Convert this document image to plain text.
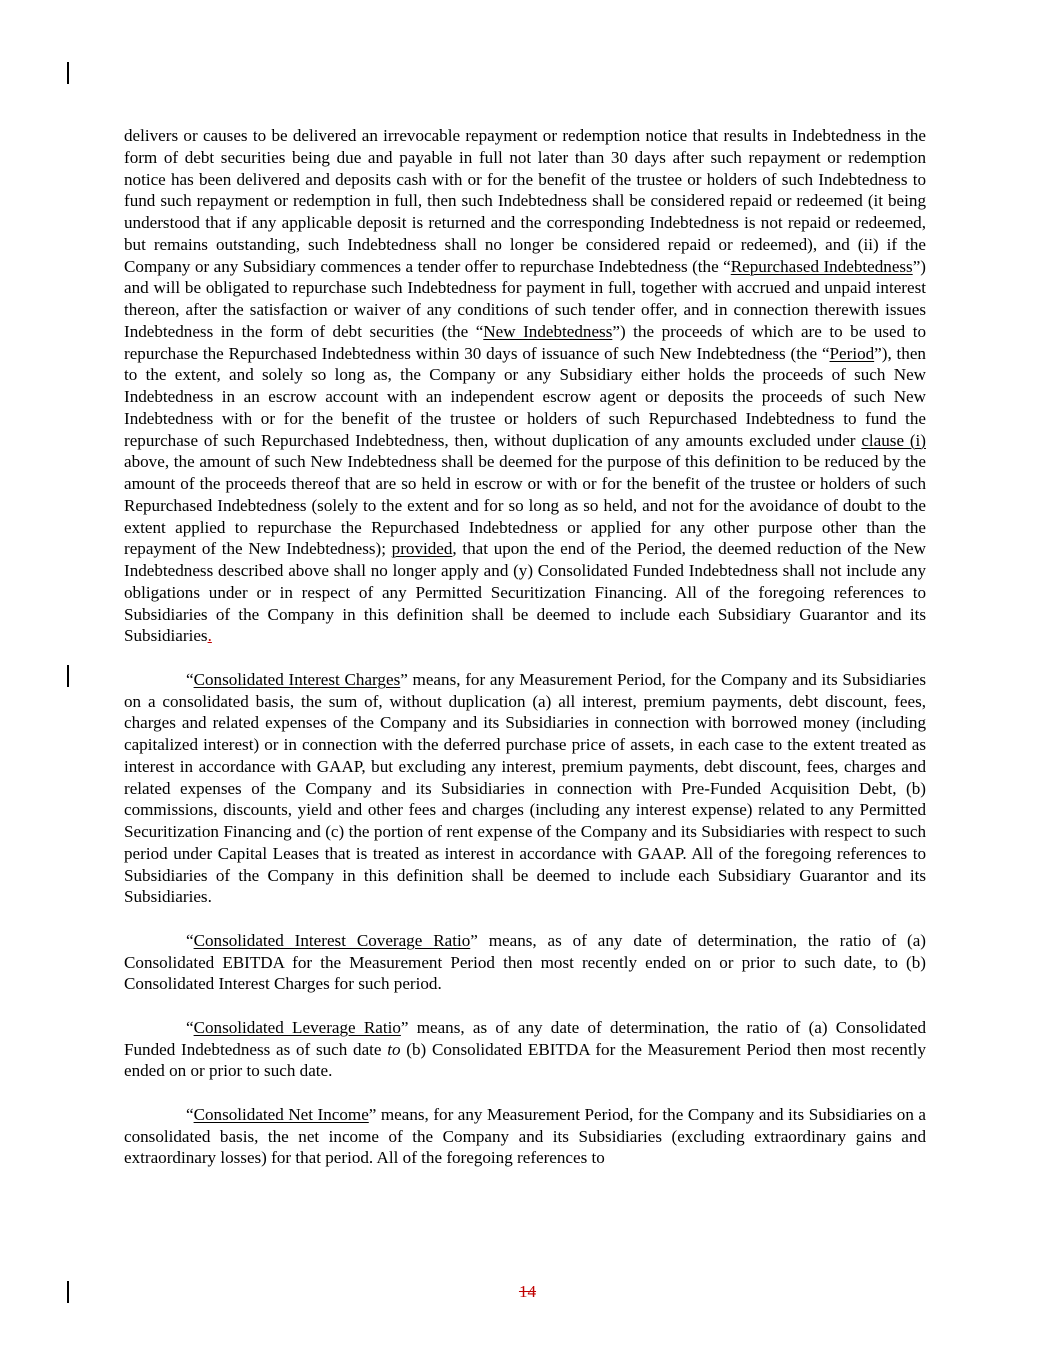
delivers or causes to be delivered an irrevocable repayment or redemption notice that results in Indebtedness in the form of debt securities being due and payable in full not later than 30 days after such repayment or redemption notice has been delivered and deposits cash with or for the benefit of the trustee or holders of such Indebtedness to fund such repayment or redemption in full, then such Indebtedness shall be considered repaid or redeemed (it being understood that if any applicable deposit is returned and the corresponding Indebtedness is not repaid or redeemed, but remains outstanding, such Indebtedness shall no longer be considered repaid or redeemed), and (ii) if the Company or any Subsidiary commences a tender offer to repurchase Indebtedness (the “Repurchased Indebtedness”) and will be obligated to repurchase such Indebtedness for payment in full, together with accrued and unpaid interest thereon, after the satisfaction or waiver of any conditions of such tender offer, and in connection therewith issues Indebtedness in the form of debt securities (the “New Indebtedness”) the proceeds of which are to be used to repurchase the Repurchased Indebtedness within 30 days of issuance of such New Indebtedness (the “Period”), then to the extent, and solely so long as, the Company or any Subsidiary either holds the proceeds of such New Indebtedness in an escrow account with an independent escrow agent or deposits the proceeds of such New Indebtedness with or for the benefit of the trustee or holders of such Repurchased Indebtedness to fund the repurchase of such Repurchased Indebtedness, then, without duplication of any amounts excluded under clause (i) above, the amount of such New Indebtedness shall be deemed for the purpose of this definition to be reduced by the amount of the proceeds thereof that are so held in escrow or with or for the benefit of the trustee or holders of such Repurchased Indebtedness (solely to the extent and for so long as so held, and not for the avoidance of doubt to the extent applied to repurchase the Repurchased Indebtedness or applied for any other purpose other than the repayment of the New Indebtedness); provided, that upon the end of the Period, the deemed reduction of the New Indebtedness described above shall no longer apply and (y) Consolidated Funded Indebtedness shall not include any obligations under or in respect of any Permitted Securitization Financing. All of the foregoing references to Subsidiaries of the Company in this definition shall be deemed to include each Subsidiary Guarantor and its Subsidiaries.

“Consolidated Interest Charges” means, for any Measurement Period, for the Company and its Subsidiaries on a consolidated basis, the sum of, without duplication (a) all interest, premium payments, debt discount, fees, charges and related expenses of the Company and its Subsidiaries in connection with borrowed money (including capitalized interest) or in connection with the deferred purchase price of assets, in each case to the extent treated as interest in accordance with GAAP, but excluding any interest, premium payments, debt discount, fees, charges and related expenses of the Company and its Subsidiaries in connection with Pre-Funded Acquisition Debt, (b) commissions, discounts, yield and other fees and charges (including any interest expense) related to any Permitted Securitization Financing and (c) the portion of rent expense of the Company and its Subsidiaries with respect to such period under Capital Leases that is treated as interest in accordance with GAAP. All of the foregoing references to Subsidiaries of the Company in this definition shall be deemed to include each Subsidiary Guarantor and its Subsidiaries.

“Consolidated Interest Coverage Ratio” means, as of any date of determination, the ratio of (a) Consolidated EBITDA for the Measurement Period then most recently ended on or prior to such date, to (b) Consolidated Interest Charges for such period.

“Consolidated Leverage Ratio” means, as of any date of determination, the ratio of (a) Consolidated Funded Indebtedness as of such date to (b) Consolidated EBITDA for the Measurement Period then most recently ended on or prior to such date.

“Consolidated Net Income” means, for any Measurement Period, for the Company and its Subsidiaries on a consolidated basis, the net income of the Company and its Subsidiaries (excluding extraordinary gains and extraordinary losses) for that period. All of the foregoing references to

14
